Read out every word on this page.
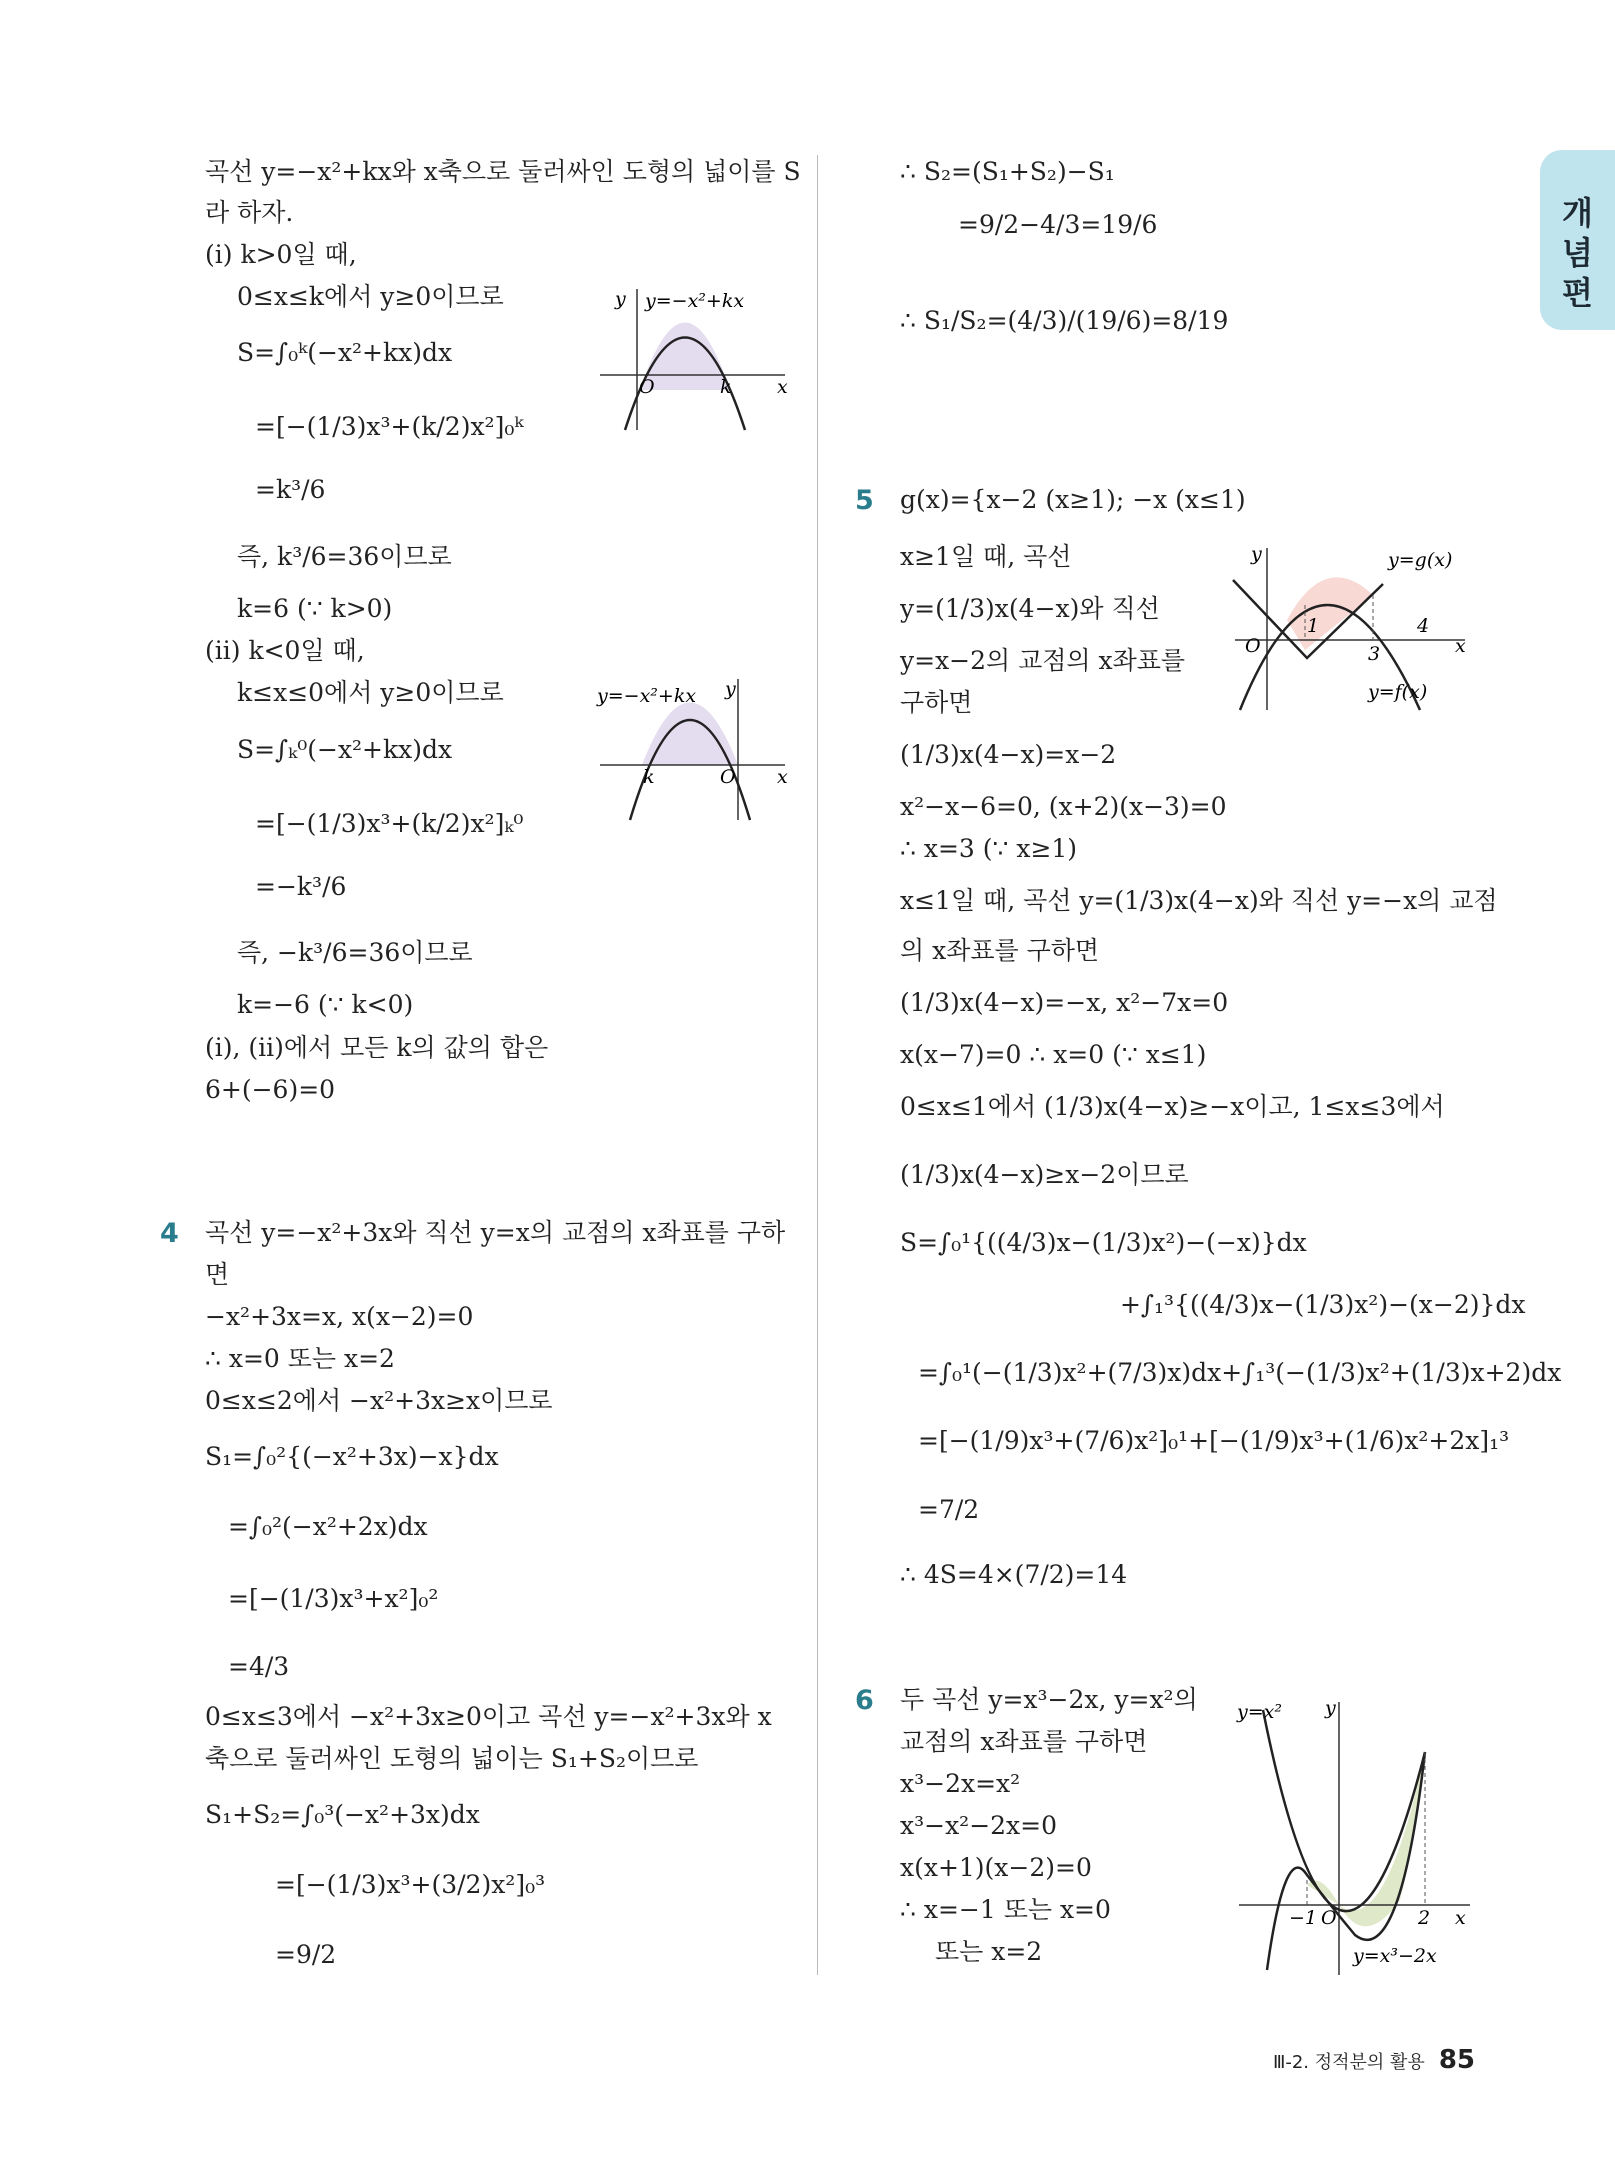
개
념
편
곡선 y=−x²+kx와 x축으로 둘러싸인 도형의 넓이를 S
라 하자.
(ⅰ) k>0일 때,
0≤x≤k에서 y≥0이므로
S=∫₀ᵏ(−x²+kx)dx
=[−(1/3)x³+(k/2)x²]₀ᵏ
=k³/6
즉, k³/6=36이므로
k=6 (∵ k>0)
(ⅱ) k<0일 때,
k≤x≤0에서 y≥0이므로
S=∫ₖ⁰(−x²+kx)dx
=[−(1/3)x³+(k/2)x²]ₖ⁰
=−k³/6
즉, −k³/6=36이므로
k=−6 (∵ k<0)
(ⅰ), (ⅱ)에서 모든 k의 값의 합은
6+(−6)=0
4 곡선 y=−x²+3x와 직선 y=x의 교점의 x좌표를 구하
면
−x²+3x=x, x(x−2)=0
∴ x=0 또는 x=2
0≤x≤2에서 −x²+3x≥x이므로
S₁=∫₀²{(−x²+3x)−x}dx
=∫₀²(−x²+2x)dx
=[−(1/3)x³+x²]₀²
=4/3
0≤x≤3에서 −x²+3x≥0이고 곡선 y=−x²+3x와 x
축으로 둘러싸인 도형의 넓이는 S₁+S₂이므로
S₁+S₂=∫₀³(−x²+3x)dx
=[−(1/3)x³+(3/2)x²]₀³
=9/2
y y=−x²+kx
x
O	k
y=−x²+kx y
x
O
k
∴ S₂=(S₁+S₂)−S₁
=9/2−4/3=19/6
∴ S₁/S₂=(4/3)/(19/6)=8/19
5 g(x)={x−2 (x≥1); −x (x≤1)
x≥1일 때, 곡선
y=(1/3)x(4−x)와 직선
y=x−2의 교점의 x좌표를
구하면
(1/3)x(4−x)=x−2
x²−x−6=0, (x+2)(x−3)=0
∴ x=3 (∵ x≥1)
x≤1일 때, 곡선 y=(1/3)x(4−x)와 직선 y=−x의 교점
의 x좌표를 구하면
(1/3)x(4−x)=−x, x²−7x=0
x(x−7)=0 ∴ x=0 (∵ x≤1)
0≤x≤1에서 (1/3)x(4−x)≥−x이고, 1≤x≤3에서
(1/3)x(4−x)≥x−2이므로
S=∫₀¹{((4/3)x−(1/3)x²)−(−x)}dx
+∫₁³{((4/3)x−(1/3)x²)−(x−2)}dx
=∫₀¹(−(1/3)x²+(7/3)x)dx+∫₁³(−(1/3)x²+(1/3)x+2)dx
=[−(1/9)x³+(7/6)x²]₀¹+[−(1/9)x³+(1/6)x²+2x]₁³
=7/2
∴ 4S=4×(7/2)=14
y	y=g(x)
y=f(x)
O
1
3
4
x
6 두 곡선 y=x³−2x, y=x²의
교점의 x좌표를 구하면
x³−2x=x²
x³−x²−2x=0
x(x+1)(x−2)=0
∴ x=−1 또는 x=0
또는 x=2
y=x² y
−1 O	2 x
y=x³−2x
Ⅲ-2. 정적분의 활용 85
